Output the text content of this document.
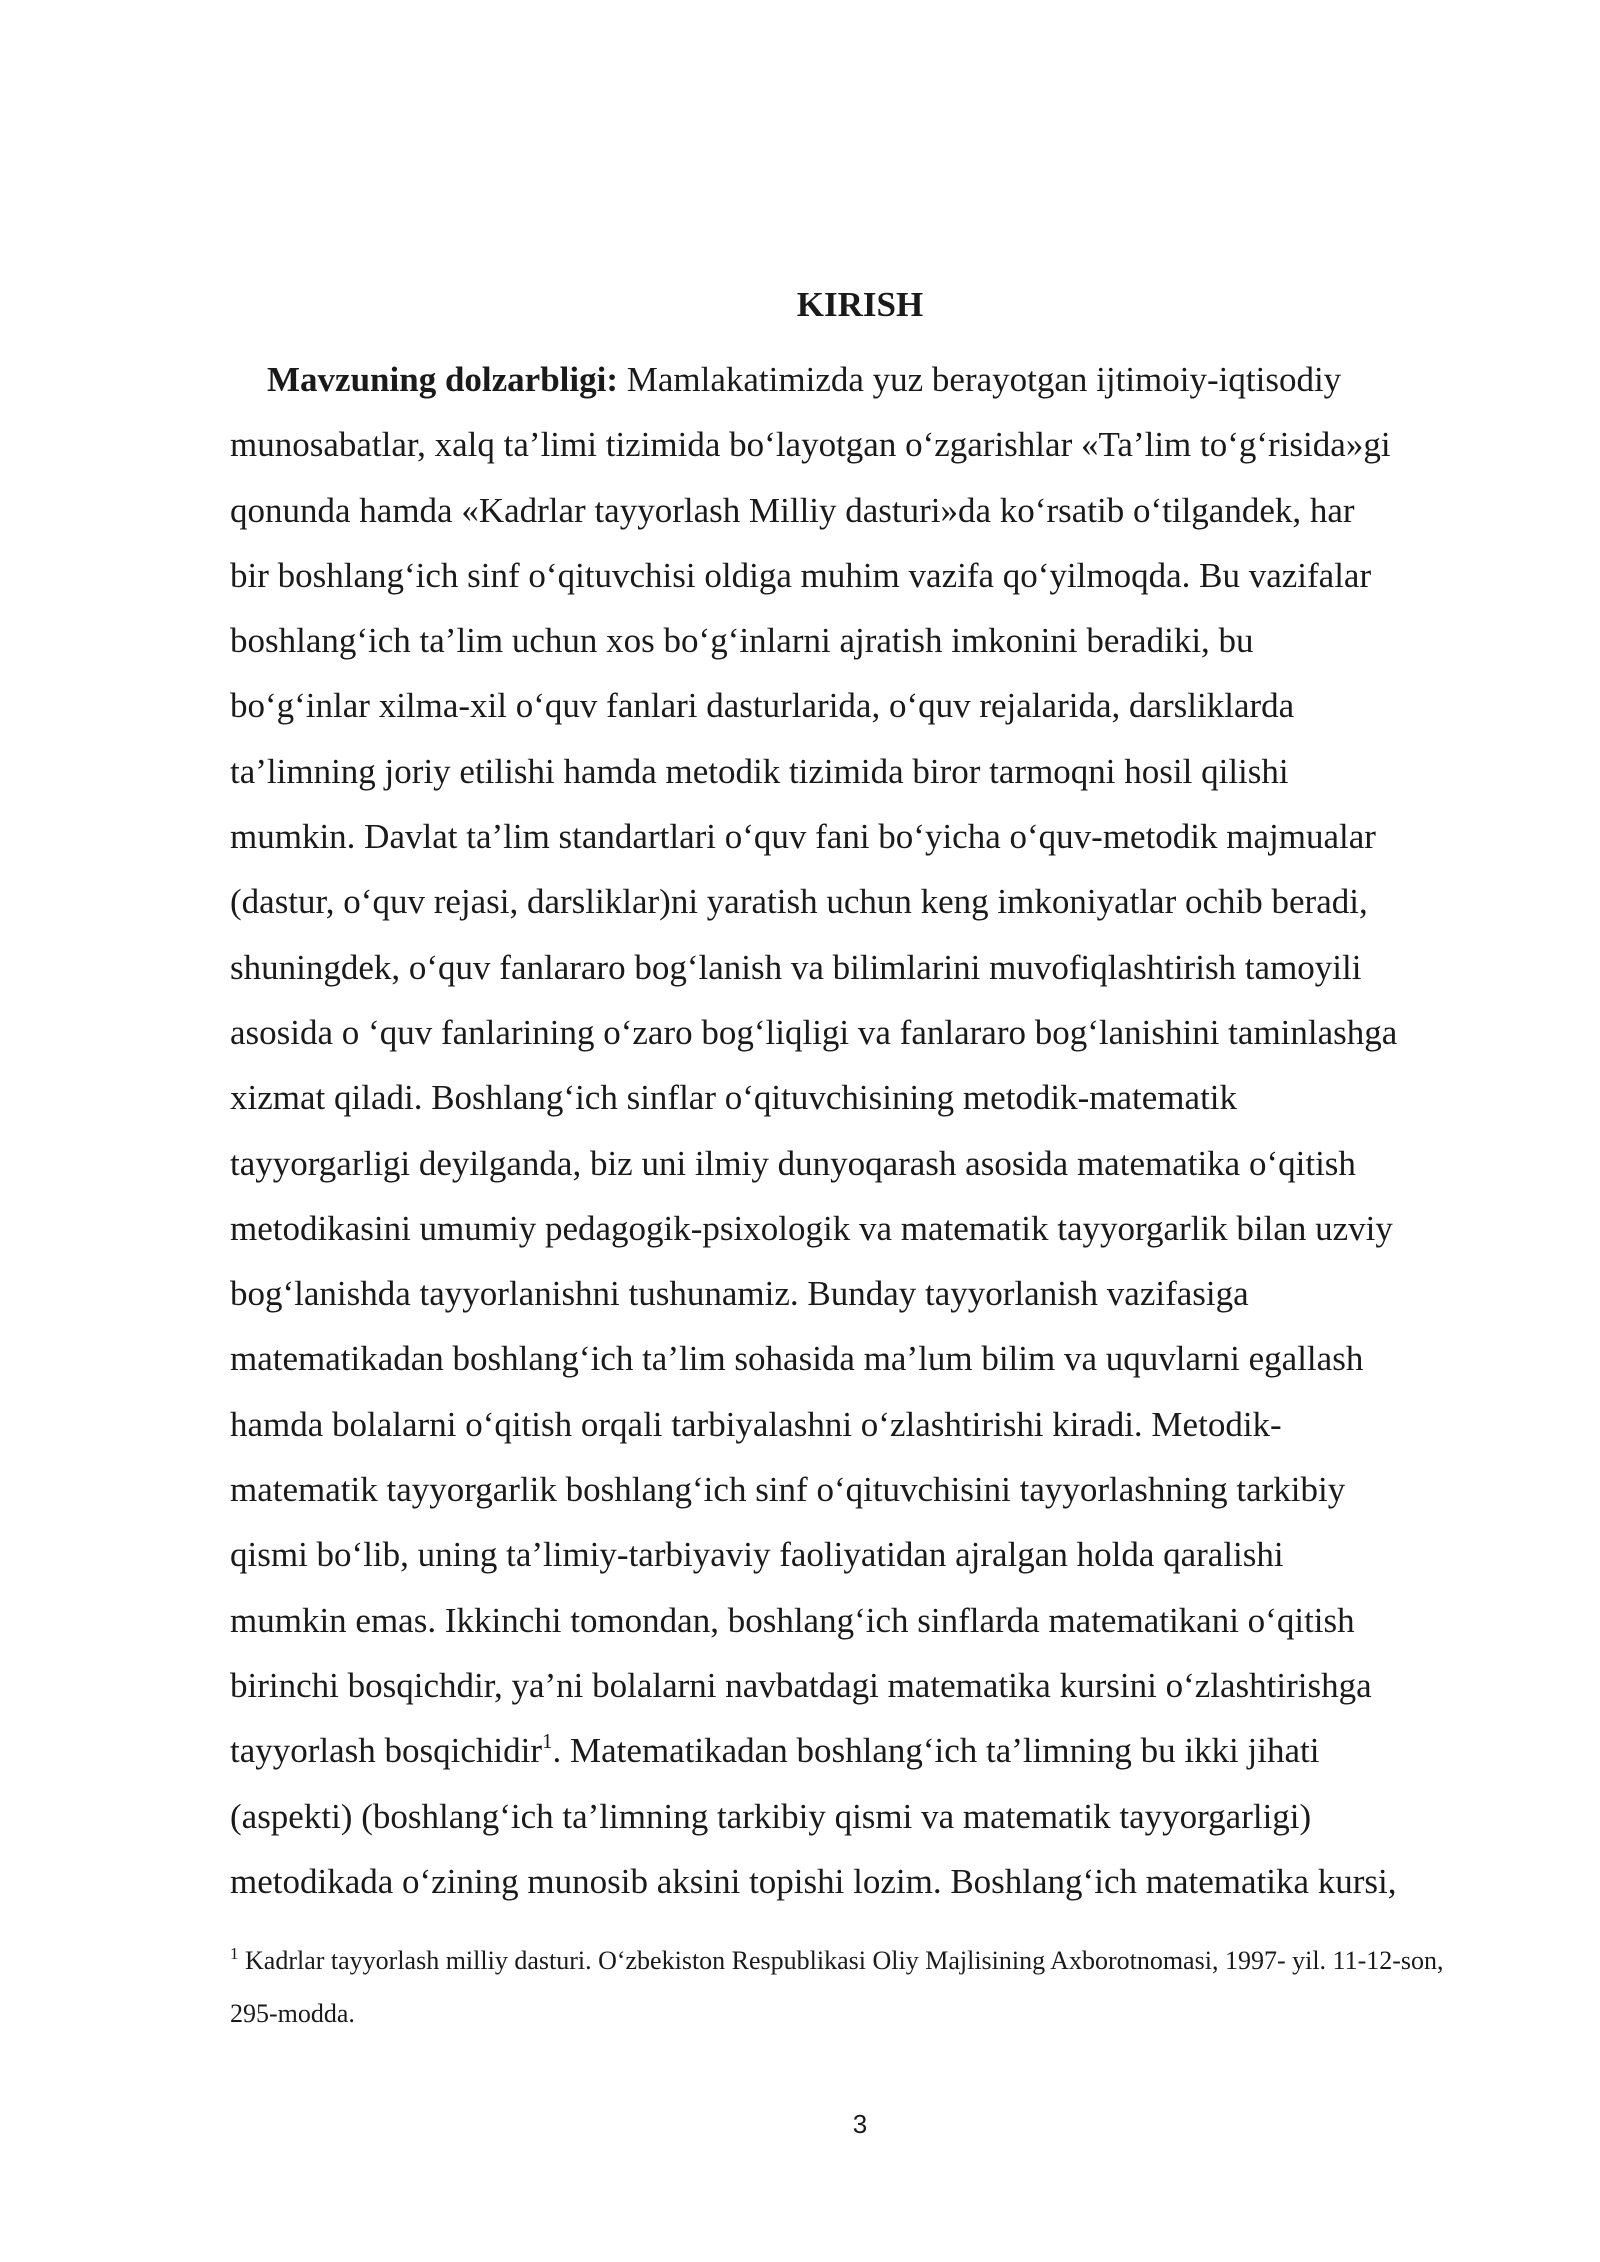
KIRISH
Mavzuning dolzarbligi: Mamlakatimizda yuz berayotgan ijtimoiy-iqtisodiy
munosabatlar, xalq ta’limi tizimida bo‘layotgan o‘zgarishlar «Ta’lim to‘g‘risida»gi
qonunda hamda «Kadrlar tayyorlash Milliy dasturi»da ko‘rsatib o‘tilgandek, har
bir boshlang‘ich sinf o‘qituvchisi oldiga muhim vazifa qo‘yilmoqda. Bu vazifalar
boshlang‘ich ta’lim uchun xos bo‘g‘inlarni ajratish imkonini beradiki, bu
bo‘g‘inlar xilma-xil o‘quv fanlari dasturlarida, o‘quv rejalarida, darsliklarda
ta’limning joriy etilishi hamda metodik tizimida biror tarmoqni hosil qilishi
mumkin. Davlat ta’lim standartlari o‘quv fani bo‘yicha o‘quv-metodik majmualar
(dastur, o‘quv rejasi, darsliklar)ni yaratish uchun keng imkoniyatlar ochib beradi,
shuningdek, o‘quv fanlararo bog‘lanish va bilimlarini muvofiqlashtirish tamoyili
asosida o ‘quv fanlarining o‘zaro bog‘liqligi va fanlararo bog‘lanishini taminlashga
xizmat qiladi. Boshlang‘ich sinflar o‘qituvchisining metodik-matematik
tayyorgarligi deyilganda, biz uni ilmiy dunyoqarash asosida matematika o‘qitish
metodikasini umumiy pedagogik-psixologik va matematik tayyorgarlik bilan uzviy
bog‘lanishda tayyorlanishni tushunamiz. Bunday tayyorlanish vazifasiga
matematikadan boshlang‘ich ta’lim sohasida ma’lum bilim va uquvlarni egallash
hamda bolalarni o‘qitish orqali tarbiyalashni o‘zlashtirishi kiradi. Metodik-
matematik tayyorgarlik boshlang‘ich sinf o‘qituvchisini tayyorlashning tarkibiy
qismi bo‘lib, uning ta’limiy-tarbiyaviy faoliyatidan ajralgan holda qaralishi
mumkin emas. Ikkinchi tomondan, boshlang‘ich sinflarda matematikani o‘qitish
birinchi bosqichdir, ya’ni bolalarni navbatdagi matematika kursini o‘zlashtirishga
tayyorlash bosqichidir$^1$. Matematikadan boshlang‘ich ta’limning bu ikki jihati
(aspekti) (boshlang‘ich ta’limning tarkibiy qismi va matematik tayyorgarligi)
metodikada o‘zining munosib aksini topishi lozim. Boshlang‘ich matematika kursi,
$^1$ Kadrlar tayyorlash milliy dasturi. O‘zbekiston Respublikasi Oliy Majlisining Axborotnomasi, 1997- yil. 11-12-son,
295-modda.
3
